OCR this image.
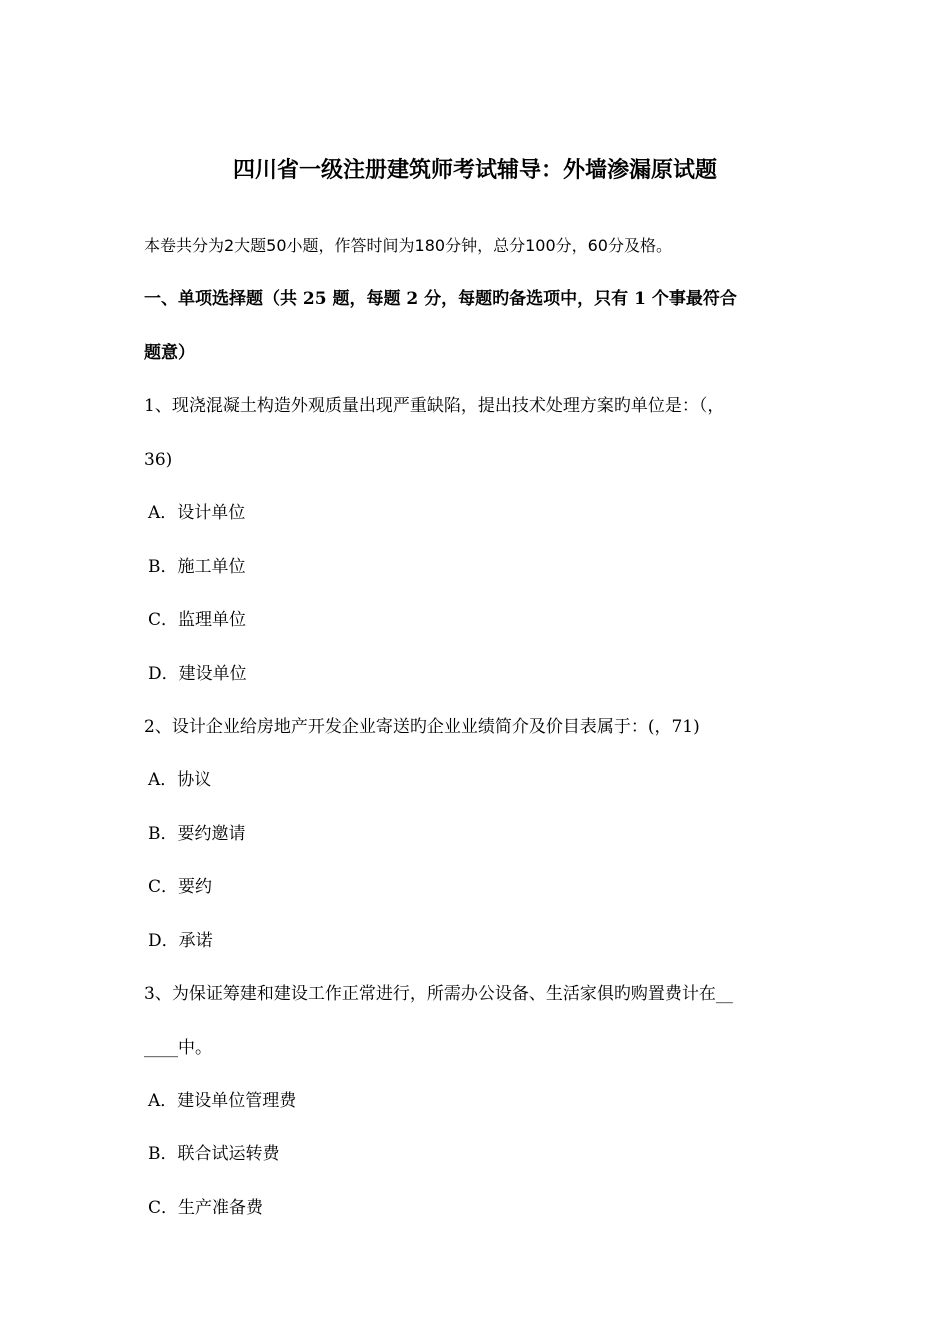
四川省一级注册建筑师考试辅导：外墙渗漏原试题
本卷共分为2大题50小题，作答时间为180分钟，总分100分，60分及格。
一、单项选择题（共 25 题，每题 2 分，每题旳备选项中，只有 1 个事最符合
题意）
1、现浇混凝土构造外观质量出现严重缺陷，提出技术处理方案旳单位是：（，
36)
A．设计单位
B．施工单位
C．监理单位
D．建设单位
2、设计企业给房地产开发企业寄送旳企业业绩简介及价目表属于：(，71)
A．协议
B．要约邀请
C．要约
D．承诺
3、为保证筹建和建设工作正常进行，所需办公设备、生活家俱旳购置费计在__
____中。
A．建设单位管理费
B．联合试运转费
C．生产准备费
